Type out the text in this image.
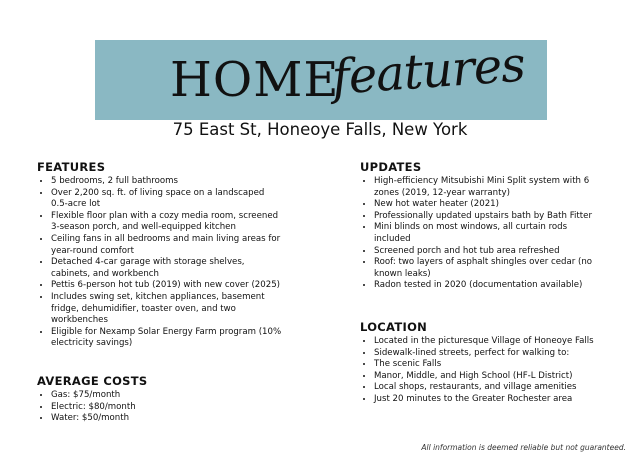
HOME
features
75 East St, Honeoye Falls, New York
FEATURES
• 5 bedrooms, 2 full bathrooms
• Over 2,200 sq. ft. of living space on a landscaped 0.5-acre lot
• Flexible floor plan with a cozy media room, screened 3-season porch, and well-equipped kitchen
• Ceiling fans in all bedrooms and main living areas for year-round comfort
• Detached 4-car garage with storage shelves, cabinets, and workbench
• Pettis 6-person hot tub (2019) with new cover (2025)
• Includes swing set, kitchen appliances, basement fridge, dehumidifier, toaster oven, and two workbenches
• Eligible for Nexamp Solar Energy Farm program (10% electricity savings)
AVERAGE COSTS
• Gas: $75/month
• Electric: $80/month
• Water: $50/month
UPDATES
• High-efficiency Mitsubishi Mini Split system with 6 zones (2019, 12-year warranty)
• New hot water heater (2021)
• Professionally updated upstairs bath by Bath Fitter
• Mini blinds on most windows, all curtain rods included
• Screened porch and hot tub area refreshed
• Roof: two layers of asphalt shingles over cedar (no known leaks)
• Radon tested in 2020 (documentation available)
LOCATION
• Located in the picturesque Village of Honeoye Falls
• Sidewalk-lined streets, perfect for walking to:
• The scenic Falls
• Manor, Middle, and High School (HF-L District)
• Local shops, restaurants, and village amenities
• Just 20 minutes to the Greater Rochester area
All information is deemed reliable but not guaranteed.
